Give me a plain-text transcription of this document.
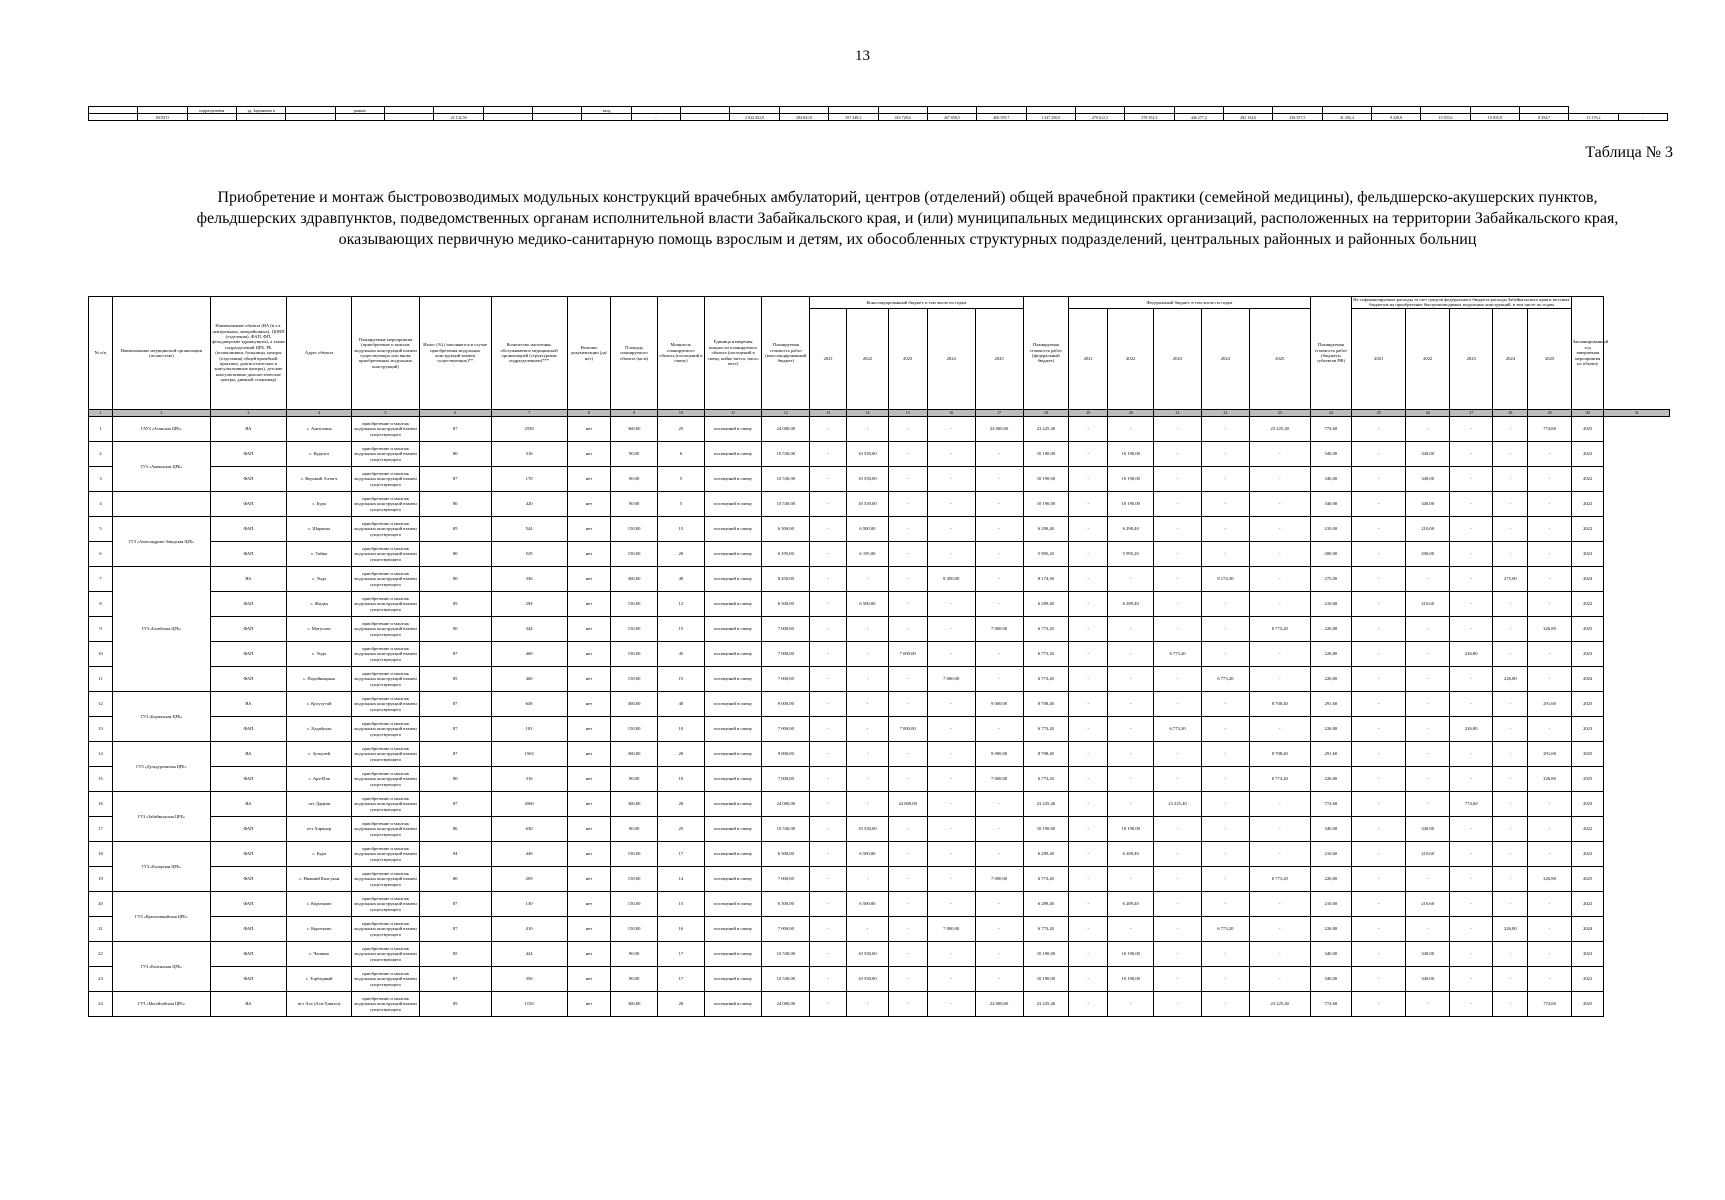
13
		подразделения	уд. Заразянова в		рамках					вход																					
	ВСЕГО						22 132,50				-		2 022 452,0	284 841,8	597 448,2	416 728,6	267 658,5	406 559,7	1 347 250,0	270 612,3	578 352,3	446 277,2	282 154,6	236 357,5	41 292,4	9 228,8	15 555,6	10 835,8	8 354,7	13 176,2	-
Таблица № 3
Приобретение и монтаж быстровозводимых модульных конструкций врачебных амбулаторий, центров (отделений) общей врачебной практики (семейной медицины), фельдшерско-акушерских пунктов, фельдшерских здравпунктов, подведомственных органам исполнительной власти Забайкальского края, и (или) муниципальных медицинских организаций, расположенных на территории Забайкальского края, оказывающих первичную медико-санитарную помощь взрослым и детям, их обособленных структурных подразделений, центральных районных и районных больниц
№ п/п	Наименование медицинской организации (полностью)	Наименование объекта (ВА (в т.ч. центральных, межрайонных), ЦОВП (отделения), ФАП, ФП, фельдшерские здравпункты), а также подразделений ЦРБ, РБ (поликлиники, больницы, центры (отделения) общей врачебной практики, диагностические и консультативные центры), детские консультативно-диагностические центры, дневной стационар)	Адрес объекта	Планируемые мероприятия (приобретение и монтаж модульных конструкций взамен существующих или вновь приобретенных модульных конструкций)	Износ (%) (заполняется в случае приобретения модульных конструкций взамен существующих)**	Количество населения, обслуживаемое медицинской организацией (структурным подразделением)***	Наличие документации (да/нет)	Площадь планируемого объекта (кв.м)	Мощность планируемого объекта (посещений в смену)	Единица измерения мощности планируемого объекта (посещений в смену, койко-места, число мест)	Планируемая стоимость работ (консолидированный бюджет)	Консолидированный бюджет, в том числе по годам					Планируемая стоимость работ (федеральный бюджет)	Федеральный бюджет, в том числе по годам					Планируемая стоимость работ (бюджеты субъектов РФ)	Не софинансируемые расходы за счет средств федерального бюджета расходы Забайкальского края и местных бюджетов на приобретение быстровозводимых модульных конструкций, в том числе по годам					Запланированный год завершения мероприятия по объекту	
												2021	2022	2023	2024	2025		2021	2022	2023	2024	2025		2021	2022	2023	2024	2025		
1	2	3	4	5	6	7	8	9	10	11	12	13	14	15	16	17	18	19	20	21	22	23	24	25	26	27	28	29	30	31
1	ГАУЗ «Агинская ЦРБ»	ВА	с. Амитхаша	приобретение и монтаж модульных конструкций взамен существующего	87	2550	нет	360,00	25	посещений в смену	24 000,00	-	-	-	-	24 000,00	23 225,40	-	-	-	-	23 225,40	774,60	-	-	-	-	774,60	2025	
2	ГУЗ «Акшинская ЦРБ»	ФАП	с. Курулга	приобретение и монтаж модульных конструкций взамен существующего	80	316	нет	90,00	6	посещений в смену	10 530,00	-	10 530,00	-	-	-	10 190,00	-	10 190,00	-	-	-	340,00	-	340,00	-	-	-	2022	
3		ФАП	с. Верхний Алтагч	приобретение и монтаж модульных конструкций взамен существующего	87	170	нет	90,00	5	посещений в смену	10 530,00	-	10 530,00	-	-	-	10 190,00	-	10 190,00	-	-	-	340,00	-	340,00	-	-	-	2022	
4		ФАП	с. Бура	приобретение и монтаж модульных конструкций взамен существующего	80	420	нет	90,00	5	посещений в смену	10 530,00	-	10 530,00	-	-	-	10 190,00	-	10 190,00	-	-	-	340,00	-	340,00	-	-	-	2022	
5	ГУЗ «Александрово-Заводская ЦРБ»	ФАП	с. Шаранча	приобретение и монтаж модульных конструкций взамен существующего	85	544	нет	150,00	15	посещений в смену	6 500,00	-	6 500,00	-	-	-	6 290,40	-	6 290,40	-	-	-	210,00	-	210,00	-	-	-	2022	
6		ФАП	с. Тайна	приобретение и монтаж модульных конструкций взамен существующего	80	529	нет	150,00	20	посещений в смену	6 195,00	-	6 195,00	-	-	-	5 995,20	-	5 995,20	-	-	-	200,00	-	200,00	-	-	-	2022	
7	ГУЗ «Балейская ЦРБ»	ВА	с. Унда	приобретение и монтаж модульных конструкций взамен существующего	80	336	нет	360,00	40	посещений в смену	8 450,00	-	-	-	8 450,00	-	8 174,30	-	-	-	8 174,30	-	275,00	-	-	-	275,00	-	2024	
8		ФАП	с. Жидка	приобретение и монтаж модульных конструкций взамен существующего	85	294	нет	150,00	12	посещений в смену	6 500,00	-	6 500,00	-	-	-	6 289,40	-	6 289,40	-	-	-	210,60	-	210,60	-	-	-	2022	
9		ФАП	с. Матусово	приобретение и монтаж модульных конструкций взамен существующего	90	344	нет	150,00	15	посещений в смену	7 000,00	-	-	-	-	7 000,00	6 773,20	-	-	-	-	6 773,20	226,80	-	-	-	-	226,80	2025	
10		ФАП	с. Унда	приобретение и монтаж модульных конструкций взамен существующего	87	400	нет	150,00	45	посещений в смену	7 000,00	-	-	7 000,00	-	-	6 773,20	-	-	6 773,20	-	-	226,80	-	-	226,80	-	-	2023	
11		ФАП	с. Подойницыно	приобретение и монтаж модульных конструкций взамен существующего	85	460	нет	150,00	15	посещений в смену	7 000,00	-	-	-	7 000,00	-	6 773,20	-	-	-	6 773,20	-	226,80	-	-	-	226,80	-	2024	
12	ГУЗ «Борзинская ЦРБ»	ВА	с. Кулусутай	приобретение и монтаж модульных конструкций взамен существующего	87	649	нет	360,00	40	посещений в смену	9 000,00	-	-	-	-	9 000,00	8 708,40	-	-	-	-	8 708,40	291,60	-	-	-	-	291,60	2025	
13		ФАП	с. Хадабулак	приобретение и монтаж модульных конструкций взамен существующего	87	181	нет	150,00	10	посещений в смену	7 000,00	-	-	7 000,00	-	-	6 773,20	-	-	6 773,20	-	-	226,80	-	-	226,80	-	-	2023	
14	ГУЗ «Дульдургинская ЦРБ»	ВА	с. Зуткулей	приобретение и монтаж модульных конструкций взамен существующего	87	1563	нет	360,00	20	посещений в смену	9 000,00	-	-	-	-	9 000,00	8 708,40	-	-	-	-	8 708,40	291,60	-	-	-	-	291,60	2025	
15		ФАП	с. Ара-Иля	приобретение и монтаж модульных конструкций взамен существующего	80	316	нет	90,00	10	посещений в смену	7 000,00	-	-	-	-	7 000,00	6 773,20	-	-	-	-	6 773,20	226,80	-	-	-	-	226,80	2025	
16	ГУЗ «Забайкальская ЦРБ»	ВА	пгт Даурия	приобретение и монтаж модульных конструкций взамен существующего	87	4560	нет	360,00	20	посещений в смену	24 000,00	-	-	24 000,00	-	-	23 225,40	-	-	23 225,40	-	-	774,60	-	-	774,60	-	-	2023	
17		ФАП	пгт Харанор	приобретение и монтаж модульных конструкций взамен существующего	86	630	нет	90,00	25	посещений в смену	10 530,00	-	10 530,00	-	-	-	10 190,00	-	10 190,00	-	-	-	340,00	-	340,00	-	-	-	2022	
18	ГУЗ «Каларская ЦРБ»	ФАП	с. Бура	приобретение и монтаж модульных конструкций взамен существующего	84	440	нет	150,00	17	посещений в смену	6 500,00	-	6 500,00	-	-	-	6 289,40	-	6 289,40	-	-	-	210,60	-	210,60	-	-	-	2022	
19		ФАП	с. Нижний Калгукан	приобретение и монтаж модульных конструкций взамен существующего	80	209	нет	150,00	14	посещений в смену	7 000,00	-	-	-	-	7 000,00	6 773,20	-	-	-	-	6 773,20	226,80	-	-	-	-	226,80	2025	
20	ГУЗ «Красночикойская ЦРБ»	ФАП	с. Коротково	приобретение и монтаж модульных конструкций взамен существующего	87	130	нет	150,00	15	посещений в смену	6 500,00	-	6 500,00	-	-	-	6 289,40	-	6 289,40	-	-	-	210,60	-	210,60	-	-	-	2022	
21		ФАП	с. Коротково	приобретение и монтаж модульных конструкций взамен существующего	87	410	нет	150,00	16	посещений в смену	7 000,00	-	-	-	7 000,00	-	6 773,20	-	-	-	6 773,20	-	226,80	-	-	-	226,80	-	2024	
22	ГУЗ «Калганская ЦРБ»	ФАП	с. Чашино	приобретение и монтаж модульных конструкций взамен существующего	85	424	нет	90,00	17	посещений в смену	10 530,00	-	10 530,00	-	-	-	10 190,00	-	10 190,00	-	-	-	340,00	-	340,00	-	-	-	2022	
23		ФАП	с. Торбадавай	приобретение и монтаж модульных конструкций взамен существующего	87	350	нет	90,00	17	посещений в смену	10 530,00	-	10 530,00	-	-	-	10 190,00	-	10 190,00	-	-	-	340,00	-	340,00	-	-	-	2022	
24	ГУЗ «Могойтуйская ЦРБ»	ВА	пгт Ага (Аги-Хангил)	приобретение и монтаж модульных конструкций взамен существующего	85	1150	нет	360,00	20	посещений в смену	24 000,00	-	-	-	-	24 000,00	23 225,40	-	-	-	-	23 225,40	774,60	-	-	-	-	774,60	2025	
